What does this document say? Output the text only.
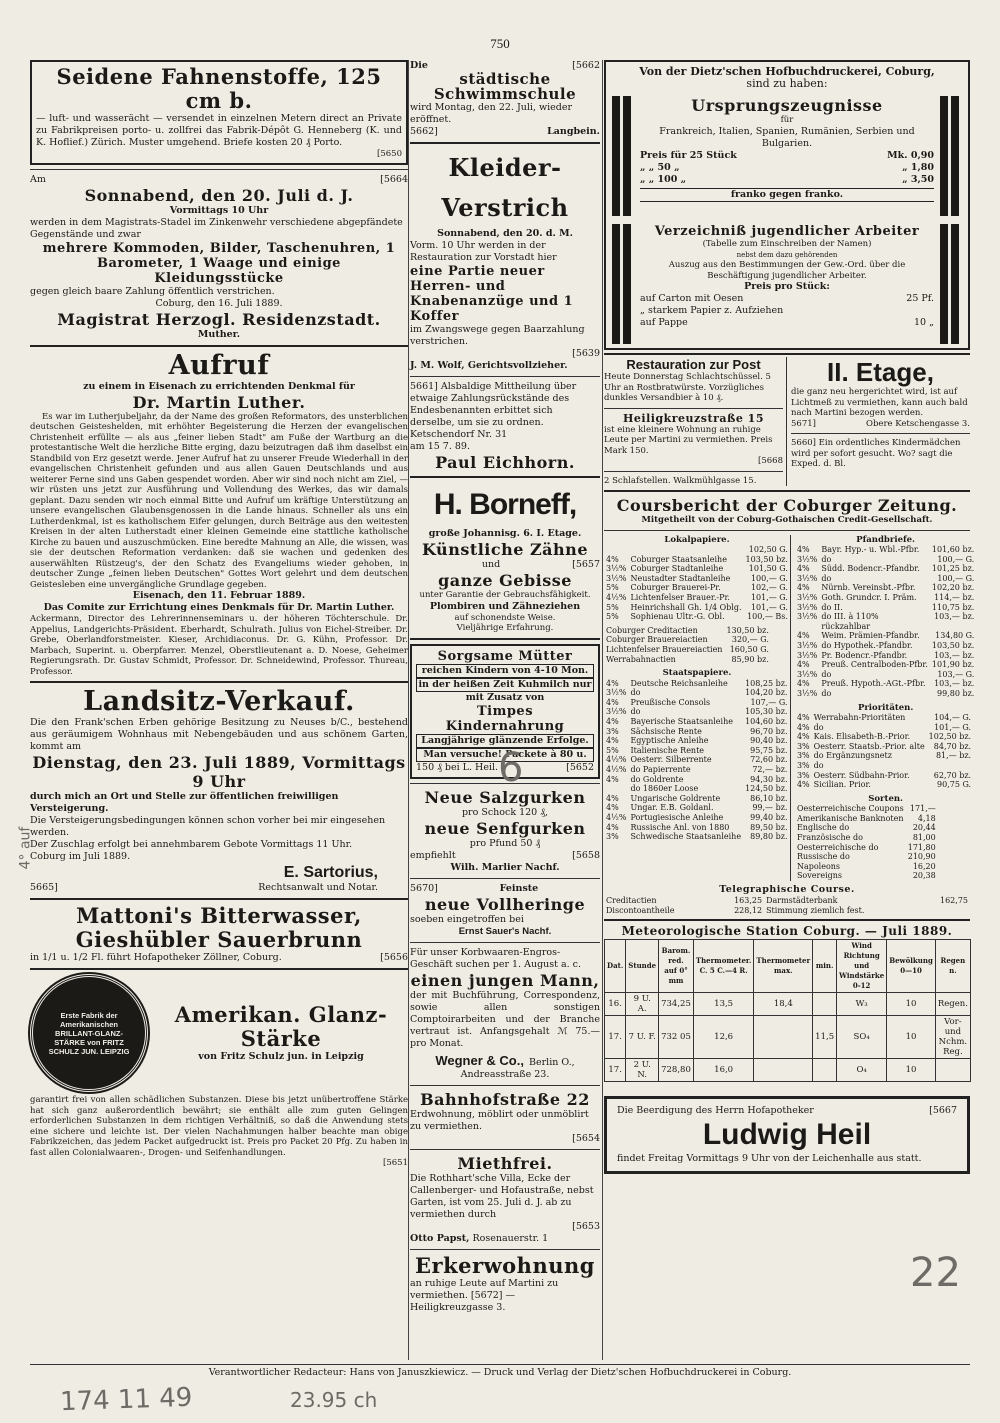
750
Seidene Fahnenstoffe, 125 cm b.
— luft- und wasserächt — versendet in einzelnen Metern direct an Private zu Fabrikpreisen porto- u. zollfrei das Fabrik-Dépôt G. Henneberg (K. und K. Hoflief.) Zürich. Muster umgehend. Briefe kosten 20 ₰ Porto.
[5650
Am	[5664
Sonnabend, den 20. Juli d. J.
Vormittags 10 Uhr
werden in dem Magistrats-Stadel im Zinkenwehr verschiedene abgepfändete Gegenstände und zwar
mehrere Kommoden, Bilder, Taschenuhren, 1 Barometer, 1 Waage und einige Kleidungsstücke
gegen gleich baare Zahlung öffentlich verstrichen.
Coburg, den 16. Juli 1889.
Magistrat Herzogl. Residenzstadt.
Muther.
Aufruf
zu einem in Eisenach zu errichtenden Denkmal für
Dr. Martin Luther.
Es war im Lutherjubeljahr, da der Name des großen Reformators, des unsterblichen deutschen Geisteshelden, mit erhöhter Begeisterung die Herzen der evangelischen Christenheit erfüllte — als aus „feiner lieben Stadt" am Fuße der Wartburg an die protestantische Welt die herzliche Bitte erging, dazu beizutragen daß ihm daselbst ein Standbild von Erz gesetzt werde. Jener Aufruf hat zu unserer Freude Wiederhall in der evangelischen Christenheit gefunden und aus allen Gauen Deutschlands und aus weiterer Ferne sind uns Gaben gespendet worden. Aber wir sind noch nicht am Ziel, — wir rüsten uns jetzt zur Ausführung und Vollendung des Werkes, das wir damals geplant. Dazu senden wir noch einmal Bitte und Aufruf um kräftige Unterstützung an unsere evangelischen Glaubensgenossen in die Lande hinaus. Schneller als uns ein Lutherdenkmal, ist es katholischem Eifer gelungen, durch Beiträge aus den weitesten Kreisen in der alten Lutherstadt einer kleinen Gemeinde eine stattliche katholische Kirche zu bauen und auszuschmücken. Eine beredte Mahnung an Alle, die wissen, was sie der deutschen Reformation verdanken: daß sie wachen und gedenken des auserwählten Rüstzeug's, der den Schatz des Evangeliums wieder gehoben, in deutscher Zunge „feinen lieben Deutschen" Gottes Wort gelehrt und dem deutschen Geistesleben eine unvergängliche Grundlage gegeben.
Eisenach, den 11. Februar 1889.
Das Comite zur Errichtung eines Denkmals für Dr. Martin Luther.
Ackermann, Director des Lehrerinnenseminars u. der höheren Töchterschule. Dr. Appelius, Landgerichts-Präsident. Eberhardt, Schulrath. Julius von Eichel-Streiber. Dr. Grebe, Oberlandforstmeister. Kieser, Archidiaconus. Dr. G. Kühn, Professor. Dr. Marbach, Superint. u. Oberpfarrer. Menzel, Oberstlieutenant a. D. Noese, Geheimer Regierungsrath. Dr. Gustav Schmidt, Professor. Dr. Schneidewind, Professor. Thureau, Professor.
Landsitz-Verkauf.
Die den Frank'schen Erben gehörige Besitzung zu Neuses b/C., bestehend aus geräumigem Wohnhaus mit Nebengebäuden und aus schönem Garten, kommt am
Dienstag, den 23. Juli 1889, Vormittags 9 Uhr
durch mich an Ort und Stelle zur öffentlichen freiwilligen Versteigerung.
Die Versteigerungsbedingungen können schon vorher bei mir eingesehen werden.
Der Zuschlag erfolgt bei annehmbarem Gebote Vormittags 11 Uhr.
Coburg im Juli 1889.
E. Sartorius,
5665]	Rechtsanwalt und Notar.
Mattoni's Bitterwasser,
Gieshübler Sauerbrunn
in 1/1 u. 1/2 Fl. führt Hofapotheker Zöllner, Coburg.	[5656
Erste Fabrik der Amerikanischen BRILLANT-GLANZ-STÄRKE von FRITZ SCHULZ JUN. LEIPZIG
Amerikan. Glanz-Stärke
von Fritz Schulz jun. in Leipzig
garantirt frei von allen schädlichen Substanzen. Diese bis jetzt unübertroffene Stärke hat sich ganz außerordentlich bewährt; sie enthält alle zum guten Gelingen erforderlichen Substanzen in dem richtigen Verhältniß, so daß die Anwendung stets eine sichere und leichte ist. Der vielen Nachahmungen halber beachte man obige Fabrikzeichen, das jedem Packet aufgedruckt ist. Preis pro Packet 20 Pfg. Zu haben in fast allen Colonialwaaren-, Drogen- und Seifenhandlungen.
[5651
Die	[5662
städtische Schwimmschule
wird Montag, den 22. Juli, wieder eröffnet.
5662]	Langbein.
Kleider-Verstrich
Sonnabend, den 20. d. M.
Vorm. 10 Uhr werden in der Restauration zur Vorstadt hier
eine Partie neuer Herren- und Knabenanzüge und 1 Koffer
im Zwangswege gegen Baarzahlung verstrichen.
[5639
J. M. Wolf, Gerichtsvollzieher.
5661] Alsbaldige Mittheilung über etwaige Zahlungsrückstände des Endesbenannten erbittet sich derselbe, um sie zu ordnen.
Ketschendorf Nr. 31
am 15 7. 89.
Paul Eichhorn.
H. Borneff,
große Johannisg. 6. I. Etage.
Künstliche Zähne
und	[5657
ganze Gebisse
unter Garantie der Gebrauchsfähigkeit.
Plombiren und Zähneziehen
auf schonendste Weise.
Vieljährige Erfahrung.
Sorgsame Mütter
reichen Kindern von 4-10 Mon.
in der heißen Zeit Kuhmilch nur
mit Zusatz von
Timpes Kindernahrung
Langjährige glänzende Erfolge.
Man versuche! Packete à 80 u.
150 ₰ bei L. Heil.	[5652
Neue Salzgurken
pro Schock 120 ₰,
neue Senfgurken
pro Pfund 50 ₰
empfiehlt	[5658
Wilh. Marlier Nachf.
5670]	Feinste
neue Vollheringe
soeben eingetroffen bei
Ernst Sauer's Nachf.
Für unser Korbwaaren-Engros-Geschäft suchen per 1. August a. c.
einen jungen Mann,
der mit Buchführung, Correspondenz, sowie allen sonstigen Comptoirarbeiten und der Branche vertraut ist. Anfangsgehalt ℳ 75.— pro Monat.
Wegner & Co., Berlin O.,
Andreasstraße 23.
Bahnhofstraße 22
Erdwohnung, möblirt oder unmöblirt zu vermiethen.
[5654
Miethfrei.
Die Rothhart'sche Villa, Ecke der Callenberger- und Hofaustraße, nebst Garten, ist vom 25. Juli d. J. ab zu vermiethen durch
[5653
Otto Papst, Rosenauerstr. 1
Erkerwohnung
an ruhige Leute auf Martini zu vermiethen. [5672] — Heiligkreuzgasse 3.
Von der Dietz'schen Hofbuchdruckerei, Coburg,
sind zu haben:
Ursprungszeugnisse
für
Frankreich, Italien, Spanien, Rumänien, Serbien und Bulgarien.
Preis für 25 Stück	Mk. 0,90
„ „ 50 „	„ 1,80
„ „ 100 „	„ 3,50
franko gegen franko.
Verzeichniß jugendlicher Arbeiter
(Tabelle zum Einschreiben der Namen)
nebst dem dazu gehörenden
Auszug aus den Bestimmungen der Gew.-Ord. über die Beschäftigung jugendlicher Arbeiter.
Preis pro Stück:
auf Carton mit Oesen	25 Pf.
„ starkem Papier z. Aufziehen
auf Pappe	10 „
Restauration zur Post
Heute Donnerstag Schlachtschüssel. 5 Uhr an Rostbratwürste. Vorzügliches dunkles Versandbier à 10 ₰.
Heiligkreuzstraße 15
ist eine kleinere Wohnung an ruhige Leute per Martini zu vermiethen. Preis Mark 150.
[5668
2 Schlafstellen. Walkmühlgasse 15.
II. Etage,
die ganz neu hergerichtet wird, ist auf Lichtmeß zu vermiethen, kann auch bald nach Martini bezogen werden.
5671]	Obere Ketschengasse 3.
5660] Ein ordentliches Kindermädchen wird per sofort gesucht. Wo? sagt die Exped. d. Bl.
Coursbericht der Coburger Zeitung.
Mitgetheilt von der Coburg-Gothaischen Credit-Gesellschaft.
Lokalpapiere.
		102,50 G.
4%	Coburger Staatsanleihe	103,50 bz.
3½%	Coburger Stadtanleihe	101,50 G.
3½%	Neustadter Stadtanleihe	100,— G.

5%	Coburger Brauerei-Pr.	102,— G.
4½%	Lichtenfelser Brauer.-Pr.	101,— G.
5%	Heinrichshall Gh. 1/4 Oblg.	101,— G.
5%	Sophienau Ultr.-G. Obl.	100,— Bs.
Coburger Creditactien	130,50 bz.
Coburger Brauereiactien	320,— G.
Lichtenfelser Brauereiactien	160,50 G.
Werrabahnactien	85,90 bz.
Staatspapiere.
4%	Deutsche Reichsanleihe	108,25 bz.
3½%	do	104,20 bz.
4%	Preußische Consols	107,— G.
3½%	do	105,30 bz.
4%	Bayerische Staatsanleihe	104,60 bz.
3%	Sächsische Rente	96,70 bz.

4%	Egyptische Anleihe	90,40 bz.
5%	Italienische Rente	95,75 bz.
4½%	Oesterr. Silberrente	72,60 bz.
4½%	do Papierrente	72,— bz.
4%	do Goldrente	94,30 bz.
	do 1860er Loose	124,50 bz.
4%	Ungarische Goldrente	86,10 bz.
4%	Ungar. E.B. Goldanl.	99,— bz.
4½%	Portugiesische Anleihe	99,40 bz.
4%	Russische Anl. von 1880	89,50 bz.
3%	Schwedische Staatsanleihe	89,80 bz.
Pfandbriefe.
4%	Bayr. Hyp.- u. Wbl.-Pfbr.	101,60 bz.
3½%	do	100,— G.
4%	Südd. Bodencr.-Pfandbr.	101,25 bz.
3½%	do	100,— G.
4%	Nürnb. Vereinsbt.-Pfbr.	102,20 bz.
3½%	Goth. Grundcr. I. Präm.	114,— bz.
3½%	do II.	110,75 bz.
3½%	do III. à 110%	103,— bz.
	rückzahlbar	
4%	Weim. Prämien-Pfandbr.	134,80 G.
3½%	do Hypothek.-Pfandbr.	103,50 bz.
3½%	Pr. Bodencr.-Pfandbr.	103,— bz.
4%	Preuß. Centralboden-Pfbr.	101,90 bz.
3½%	do	103,— G.
4%	Preuß. Hypoth.-AGt.-Pfbr.	103,— bz.
3½%	do	99,80 bz.
Prioritäten.
4%	Werrabahn-Prioritäten	104,— G.
4%	do	101,— G.
4%	Kais. Elisabeth-B.-Prior.	102,50 bz.
3%	Oesterr. Staatsb.-Prior. alte	84,70 bz.
3%	do Ergänzungsnetz	81,— bz.
3%	do	
3%	Oesterr. Südbahn-Prior.	62,70 bz.
4%	Sicilian. Prior.	90,75 G.
Sorten.
Oesterreichische Coupons	171,—
Amerikanische Banknoten	4,18
Englische do	20,44
Französische do	81,00
Oesterreichische do	171,80
Russische do	210,90
Napoleons	16,20
Sovereigns	20,38
Telegraphische Course.
Creditactien	163,25	Darmstädterbank	162,75
Discontoantheile	228,12	Stimmung ziemlich fest.	
Meteorologische Station Coburg. — Juli 1889.
Dat.	Stunde	Barom. red. auf 0° mm	Thermometer. C. 5 C.—4 R.	Thermometer max.	min.	Wind Richtung und Windstärke 0-12	Bewölkung 0—10	Regen n.
16.	9 U. A.	734,25	13,5	18,4		W₃	10	Regen.
17.	7 U. F.	732 05	12,6		11,5	SO₄	10	Vor- und Nchm. Reg.
17.	2 U. N.	728,80	16,0			O₄	10	
Die Beerdigung des Herrn Hofapotheker	[5667
Ludwig Heil
findet Freitag Vormittags 9 Uhr von der Leichenhalle aus statt.
Verantwortlicher Redacteur: Hans von Januszkiewicz. — Druck und Verlag der Dietz'schen Hofbuchdruckerei in Coburg.
174 11 49	23.95 ch
4° auf
6
22
